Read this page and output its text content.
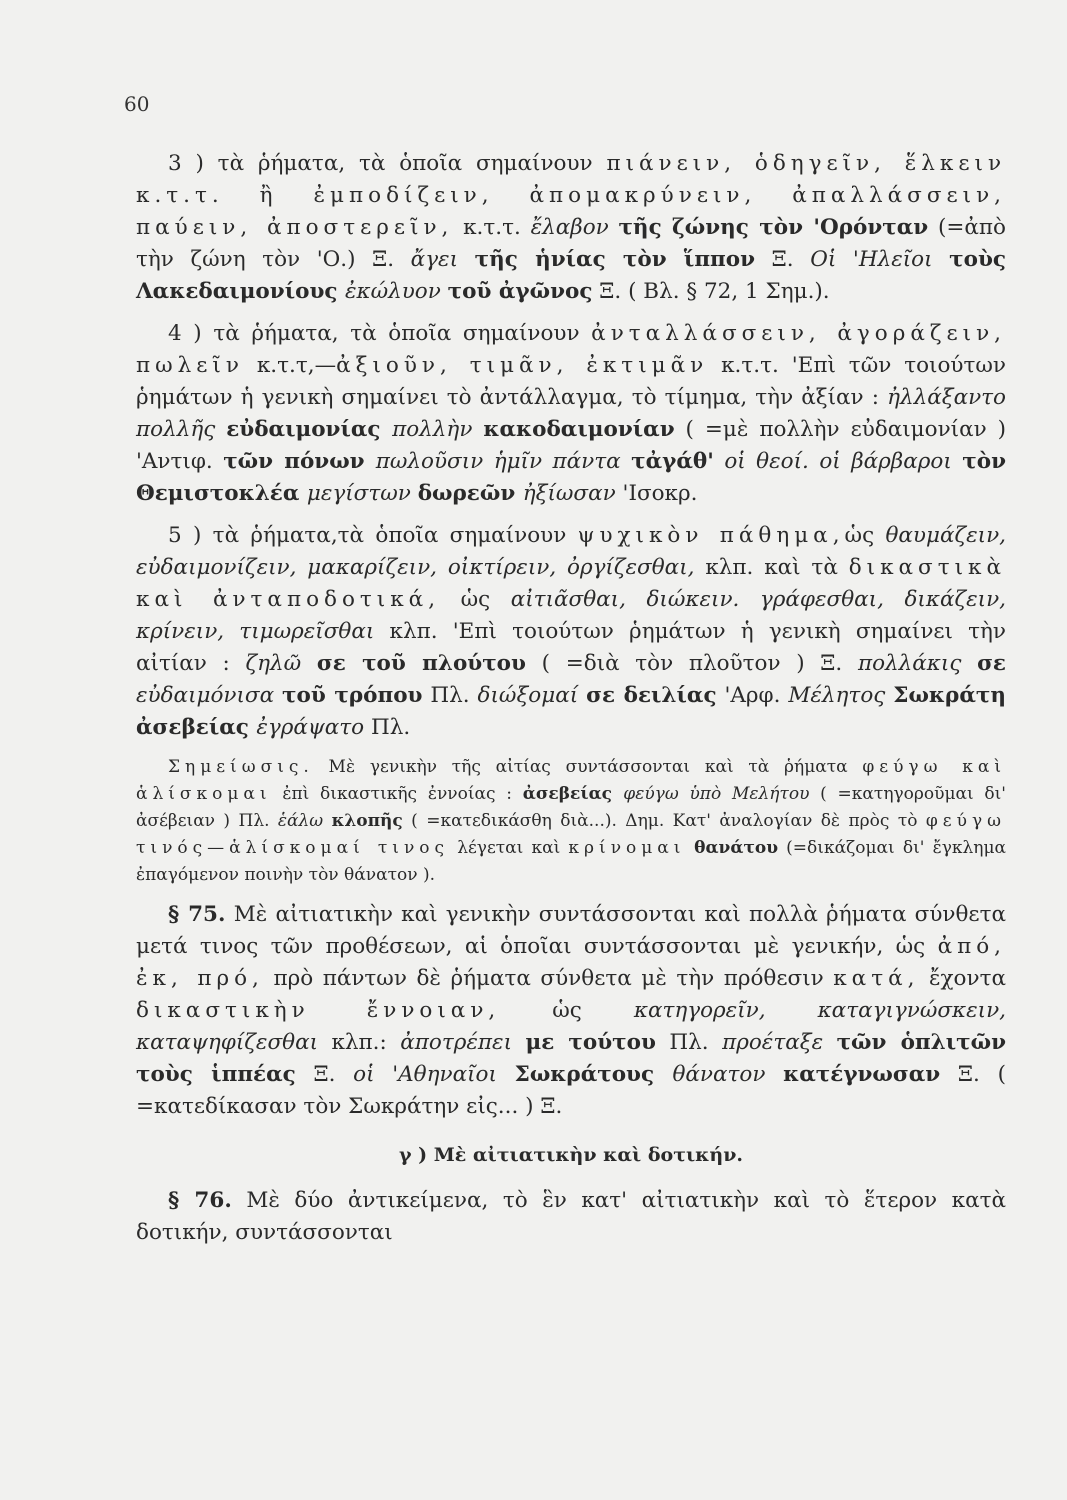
60

3 ) τὰ ῥήματα, τὰ ὁποῖα σημαίνουν πιάνειν, ὁδηγεῖν, ἕλκειν κ.τ.τ. ἢ ἐμποδίζειν, ἀπομακρύνειν, ἀπαλλάσσειν, παύειν, ἀποστερεῖν, κ.τ.τ. ἔλαβον τῆς ζώνης τὸν 'Ορόνταν (=ἀπὸ τὴν ζώνη τὸν 'Ο.) Ξ. ἄγει τῆς ἡνίας τὸν ἵππον Ξ. Οἱ 'Ηλεῖοι τοὺς Λακεδαιμονίους ἐκώλυον τοῦ ἀγῶνος Ξ. ( Βλ. § 72, 1 Σημ.).

4 ) τὰ ῥήματα, τὰ ὁποῖα σημαίνουν ἀνταλλάσσειν, ἀγοράζειν, πωλεῖν κ.τ.τ,—ἀξιοῦν, τιμᾶν, ἐκτιμᾶν κ.τ.τ. 'Επὶ τῶν τοιούτων ῥημάτων ἡ γενικὴ σημαίνει τὸ ἀντάλλαγμα, τὸ τίμημα, τὴν ἀξίαν : ἠλλάξαντο πολλῆς εὐδαιμονίας πολλὴν κακοδαιμονίαν ( =μὲ πολλὴν εὐδαιμονίαν ) 'Αντιφ. τῶν πόνων πωλοῦσιν ἡμῖν πάντα τἀγάθ' οἱ θεοί. οἱ βάρβαροι τὸν Θεμιστοκλέα μεγίστων δωρεῶν ἠξίωσαν 'Ισοκρ.

5 ) τὰ ῥήματα,τὰ ὁποῖα σημαίνουν ψυχικὸν πάθημα,ὡς θαυμάζειν, εὐδαιμονίζειν, μακαρίζειν, οἰκτίρειν, ὀργίζεσθαι, κλπ. καὶ τὰ δικαστικὰ καὶ ἀνταποδοτικά, ὡς αἰτιᾶσθαι, διώκειν. γράφεσθαι, δικάζειν, κρίνειν, τιμωρεῖσθαι κλπ. 'Επὶ τοιούτων ῥημάτων ἡ γενικὴ σημαίνει τὴν αἰτίαν : ζηλῶ σε τοῦ πλούτου ( =διὰ τὸν πλοῦτον ) Ξ. πολλάκις σε εὐδαιμόνισα τοῦ τρόπου Πλ. διώξομαί σε δειλίας 'Αρφ. Μέλητος Σωκράτη ἀσεβείας ἐγράψατο Πλ.

Σημείωσις. Μὲ γενικὴν τῆς αἰτίας συντάσσονται καὶ τὰ ῥήματα φεύγω καὶ ἁλίσκομαι ἐπὶ δικαστικῆς ἐννοίας : ἀσεβείας φεύγω ὑπὸ Μελήτου ( =κατηγοροῦμαι δι' ἀσέβειαν ) Πλ. ἑάλω κλοπῆς ( =κατεδικάσθη διὰ...). Δημ. Κατ' ἀναλογίαν δὲ πρὸς τὸ φεύγω τινός—ἁλίσκομαί τινος λέγεται καὶ κρίνομαι θανάτου (=δικάζομαι δι' ἔγκλημα ἐπαγόμενον ποινὴν τὸν θάνατον ).

§ 75. Μὲ αἰτιατικὴν καὶ γενικὴν συντάσσονται καὶ πολλὰ ῥήματα σύνθετα μετά τινος τῶν προθέσεων, αἱ ὁποῖαι συντάσσονται μὲ γενικήν, ὡς ἀπό, ἐκ, πρό, πρὸ πάντων δὲ ῥήματα σύνθετα μὲ τὴν πρόθεσιν κατά, ἔχοντα δικαστικὴν ἔννοιαν, ὡς κατηγορεῖν, καταγιγνώσκειν, καταψηφίζεσθαι κλπ.: ἀποτρέπει με τούτου Πλ. προέταξε τῶν ὁπλιτῶν τοὺς ἱππέας Ξ. οἱ 'Αθηναῖοι Σωκράτους θάνατον κατέγνωσαν Ξ. ( =κατεδίκασαν τὸν Σωκράτην εἰς... ) Ξ.

γ ) Μὲ αἰτιατικὴν καὶ δοτικήν.

§ 76. Μὲ δύο ἀντικείμενα, τὸ ἓν κατ' αἰτιατικὴν καὶ τὸ ἕτερον κατὰ δοτικήν, συντάσσονται
